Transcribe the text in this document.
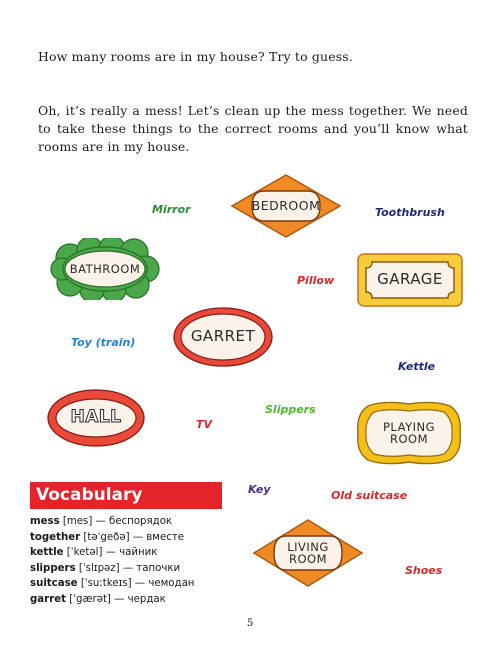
How many rooms are in my house? Try to guess.

Oh, it’s really a mess! Let’s clean up the mess together. We need to take these things to the correct rooms and you’ll know what rooms are in my house.

BEDROOM
BATHROOM
GARAGE
GARRET
HALL	PLAYING
ROOM
LIVING
ROOM
Mirror	Toothbrush
Pillow
Toy (train)
Kettle
Slippers
TV
Key	Old suitcase
Shoes
Vocabulary
mess [mes] — беспорядок
together [təˈgeðə] — вместе
kettle [ˈketəl] — чайник
slippers [ˈslɪpəz] — тапочки
suitcase [ˈsuːtkeɪs] — чемодан
garret [ˈgærət] — чердак
5
